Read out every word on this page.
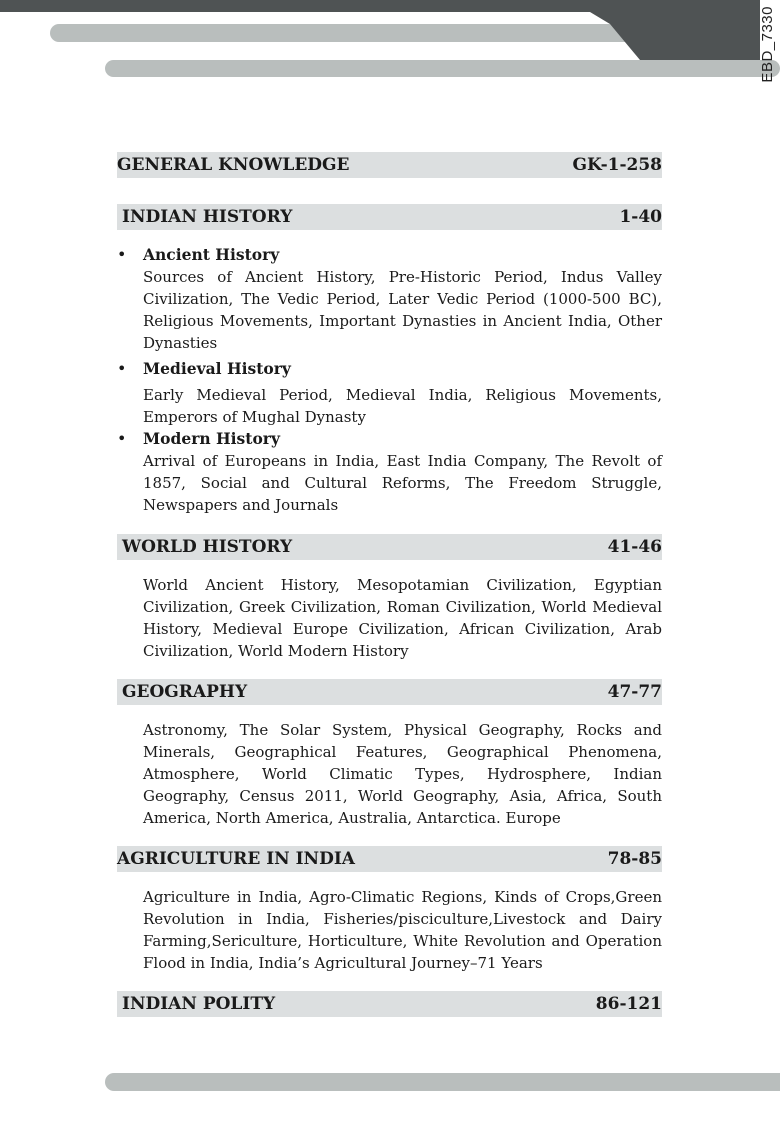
EBD_7330
GENERAL KNOWLEDGE	GK-1-258
INDIAN HISTORY	1-40
•	Ancient History
Sources of Ancient History, Pre-Historic Period, Indus Valley Civilization, The Vedic Period, Later Vedic Period (1000-500 BC), Religious Movements, Important Dynasties in Ancient India, Other Dynasties
•	Medieval History
Early Medieval Period, Medieval India, Religious Movements, Emperors of Mughal Dynasty
•	Modern History
Arrival of Europeans in India, East India Company, The Revolt of 1857, Social and Cultural Reforms, The Freedom Struggle, Newspapers and Journals
WORLD HISTORY	41-46
World Ancient History, Mesopotamian Civilization, Egyptian Civilization, Greek Civilization, Roman Civilization, World Medieval History, Medieval Europe Civilization, African Civilization, Arab Civilization, World Modern History
GEOGRAPHY	47-77
Astronomy, The Solar System, Physical Geography, Rocks and Minerals, Geographical Features, Geographical Phenomena, Atmosphere, World Climatic Types, Hydrosphere, Indian Geography, Census 2011, World Geography, Asia, Africa, South America, North America, Australia, Antarctica. Europe
AGRICULTURE IN INDIA	78-85
Agriculture in India, Agro-Climatic Regions, Kinds of Crops,Green Revolution in India, Fisheries/pisciculture,Livestock and Dairy Farming,Sericulture, Horticulture, White Revolution and Operation Flood in India, India’s Agricultural Journey–71 Years
INDIAN POLITY	86-121
